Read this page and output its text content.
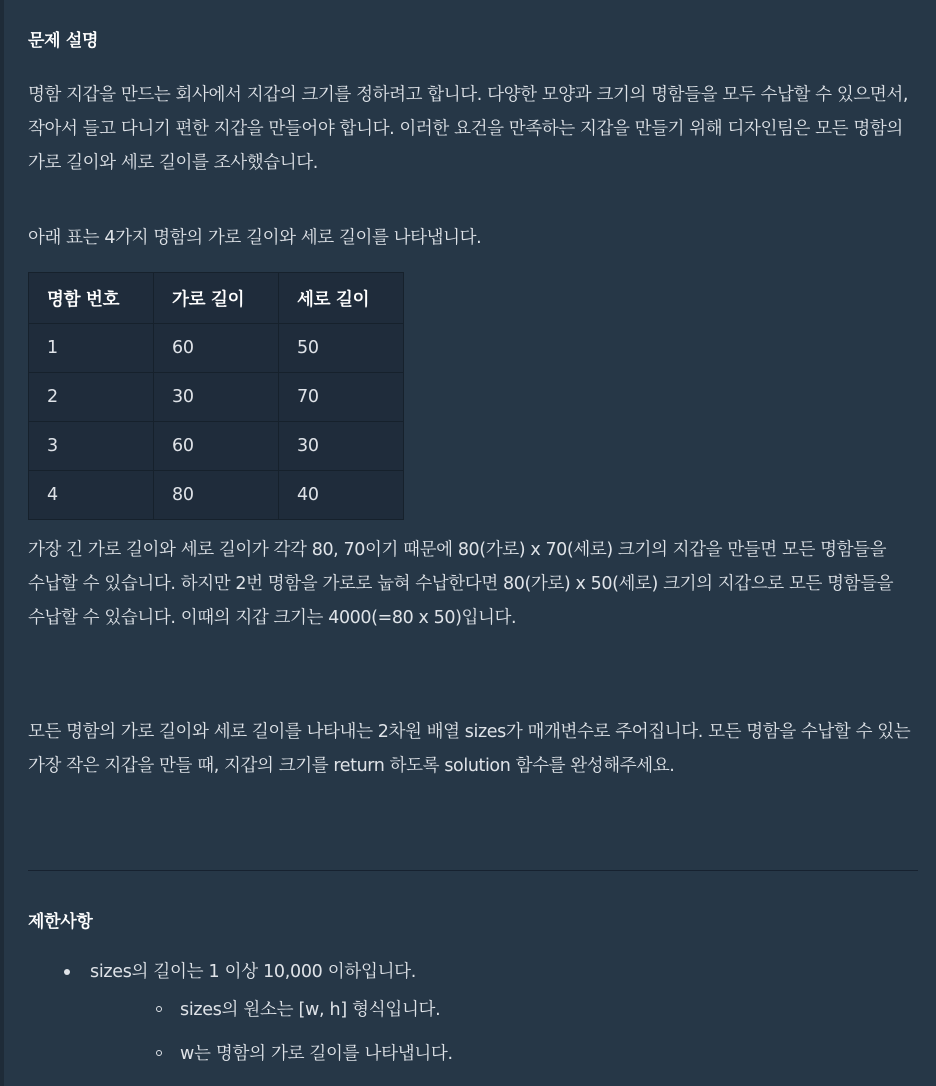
문제 설명

명함 지갑을 만드는 회사에서 지갑의 크기를 정하려고 합니다. 다양한 모양과 크기의 명함들을 모두 수납할 수 있으면서, 작아서 들고 다니기 편한 지갑을 만들어야 합니다. 이러한 요건을 만족하는 지갑을 만들기 위해 디자인팀은 모든 명함의 가로 길이와 세로 길이를 조사했습니다.

아래 표는 4가지 명함의 가로 길이와 세로 길이를 나타냅니다.

명함 번호	가로 길이	세로 길이
1	60	50
2	30	70
3	60	30
4	80	40

가장 긴 가로 길이와 세로 길이가 각각 80, 70이기 때문에 80(가로) x 70(세로) 크기의 지갑을 만들면 모든 명함들을 수납할 수 있습니다. 하지만 2번 명함을 가로로 눕혀 수납한다면 80(가로) x 50(세로) 크기의 지갑으로 모든 명함들을 수납할 수 있습니다. 이때의 지갑 크기는 4000(=80 x 50)입니다.

모든 명함의 가로 길이와 세로 길이를 나타내는 2차원 배열 sizes가 매개변수로 주어집니다. 모든 명함을 수납할 수 있는 가장 작은 지갑을 만들 때, 지갑의 크기를 return 하도록 solution 함수를 완성해주세요.

제한사항
sizes의 길이는 1 이상 10,000 이하입니다.
sizes의 원소는 [w, h] 형식입니다.
w는 명함의 가로 길이를 나타냅니다.
